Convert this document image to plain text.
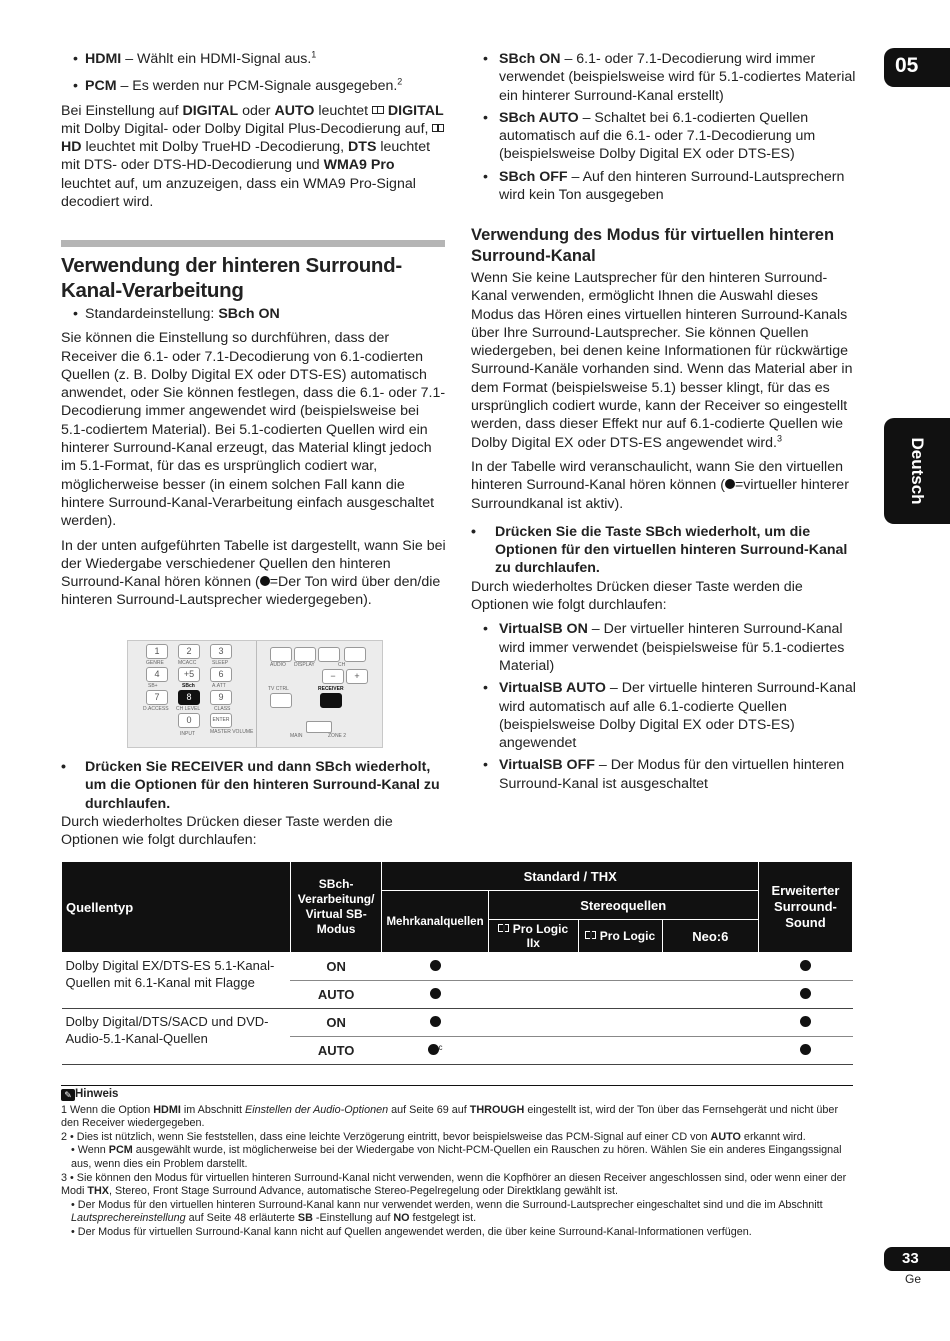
05
Deutsch
• HDMI – Wählt ein HDMI-Signal aus.$^1$
• PCM – Es werden nur PCM-Signale ausgegeben.$^2$

Bei Einstellung auf DIGITAL oder AUTO leuchtet  DIGITAL mit Dolby Digital- oder Dolby Digital Plus-Decodierung auf,  HD leuchtet mit Dolby TrueHD -Decodierung, DTS leuchtet mit DTS- oder DTS-HD-Decodierung und WMA9 Pro leuchtet auf, um anzuzeigen, dass ein WMA9 Pro-Signal decodiert wird.

Verwendung der hinteren Surround-Kanal-Verarbeitung
• Standardeinstellung: SBch ON

Sie können die Einstellung so durchführen, dass der Receiver die 6.1- oder 7.1-Decodierung von 6.1-codierten Quellen (z. B. Dolby Digital EX oder DTS-ES) automatisch anwendet, oder Sie können festlegen, dass die 6.1- oder 7.1-Decodierung immer angewendet wird (beispielsweise bei 5.1-codiertem Material). Bei 5.1-codierten Quellen wird ein hinterer Surround-Kanal erzeugt, das Material klingt jedoch im 5.1-Format, für das es ursprünglich codiert war, möglicherweise besser (in einem solchen Fall kann die hintere Surround-Kanal-Verarbeitung einfach ausgeschaltet werden).

In der unten aufgeführten Tabelle ist dargestellt, wann Sie bei der Wiedergabe verschiedener Quellen den hinteren Surround-Kanal hören können ( =Der Ton wird über den/die hinteren Surround-Lautsprecher wiedergegeben).

1	2	3
GENRE	MCACC	SLEEP
4	+5	6
SB+	SBch	A.ATT
7	8	9
D.ACCESS CH LEVEL	CLASS
0	ENTER
INPUT	MASTER VOLUME
AUDIO DISPLAY	CH
−	+
TV CTRL	RECEIVER
MAIN	ZONE 2
• Drücken Sie RECEIVER und dann SBch wiederholt, um die Optionen für den hinteren Surround-Kanal zu durchlaufen.

Durch wiederholtes Drücken dieser Taste werden die Optionen wie folgt durchlaufen:

• SBch ON – 6.1- oder 7.1-Decodierung wird immer verwendet (beispielsweise wird für 5.1-codiertes Material ein hinterer Surround-Kanal erstellt)
• SBch AUTO – Schaltet bei 6.1-codierten Quellen automatisch auf die 6.1- oder 7.1-Decodierung um (beispielsweise Dolby Digital EX oder DTS-ES)
• SBch OFF – Auf den hinteren Surround-Lautsprechern wird kein Ton ausgegeben
Verwendung des Modus für virtuellen hinteren Surround-Kanal

Wenn Sie keine Lautsprecher für den hinteren Surround-Kanal verwenden, ermöglicht Ihnen die Auswahl dieses Modus das Hören eines virtuellen hinteren Surround-Kanals über Ihre Surround-Lautsprecher. Sie können Quellen wiedergeben, bei denen keine Informationen für rückwärtige Surround-Kanäle vorhanden sind. Wenn das Material aber in dem Format (beispielsweise 5.1) besser klingt, für das es ursprünglich codiert wurde, kann der Receiver so eingestellt werden, dass dieser Effekt nur auf 6.1-codierte Quellen wie Dolby Digital EX oder DTS-ES angewendet wird.$^3$

In der Tabelle wird veranschaulicht, wann Sie den virtuellen hinteren Surround-Kanal hören können ( =virtueller hinterer Surroundkanal ist aktiv).

• Drücken Sie die Taste SBch wiederholt, um die Optionen für den virtuellen hinteren Surround-Kanal zu durchlaufen.

Durch wiederholtes Drücken dieser Taste werden die Optionen wie folgt durchlaufen:

• VirtualSB ON – Der virtueller hinteren Surround-Kanal wird immer verwendet (beispielsweise für 5.1-codiertes Material)
• VirtualSB AUTO – Der virtuelle hinteren Surround-Kanal wird automatisch auf alle 6.1-codierte Quellen (beispielsweise Dolby Digital EX oder DTS-ES) angewendet
• VirtualSB OFF – Der Modus für den virtuellen hinteren Surround-Kanal ist ausgeschaltet
Quellentyp	SBch-Verarbeitung/ Virtual SB-Modus	Standard / THX				Erweiterter Surround-Sound
		Mehrkanalquellen	Stereoquellen			
			Pro Logic IIx	Pro Logic	Neo:6	
Dolby Digital EX/DTS-ES 5.1-Kanal-Quellen mit 6.1-Kanal mit Flagge	ON					
	AUTO					
Dolby Digital/DTS/SACD und DVD-Audio-5.1-Kanal-Quellen	ON					
	AUTO	$^c$				
✎ Hinweis

1 Wenn die Option HDMI im Abschnitt Einstellen der Audio-Optionen auf Seite 69 auf THROUGH eingestellt ist, wird der Ton über das Fernsehgerät und nicht über den Receiver wiedergegeben.

2 • Dies ist nützlich, wenn Sie feststellen, dass eine leichte Verzögerung eintritt, bevor beispielsweise das PCM-Signal auf einer CD von AUTO erkannt wird.

• Wenn PCM ausgewählt wurde, ist möglicherweise bei der Wiedergabe von Nicht-PCM-Quellen ein Rauschen zu hören. Wählen Sie ein anderes Eingangssignal aus, wenn dies ein Problem darstellt.

3 • Sie können den Modus für virtuellen hinteren Surround-Kanal nicht verwenden, wenn die Kopfhörer an diesen Receiver angeschlossen sind, oder wenn einer der Modi THX, Stereo, Front Stage Surround Advance, automatische Stereo-Pegelregelung oder Direktklang gewählt ist.

• Der Modus für den virtuellen hinteren Surround-Kanal kann nur verwendet werden, wenn die Surround-Lautsprecher eingeschaltet sind und die im Abschnitt Lautsprechereinstellung auf Seite 48 erläuterte SB -Einstellung auf NO festgelegt ist.

• Der Modus für virtuellen Surround-Kanal kann nicht auf Quellen angewendet werden, die über keine Surround-Kanal-Informationen verfügen.

33
Ge
